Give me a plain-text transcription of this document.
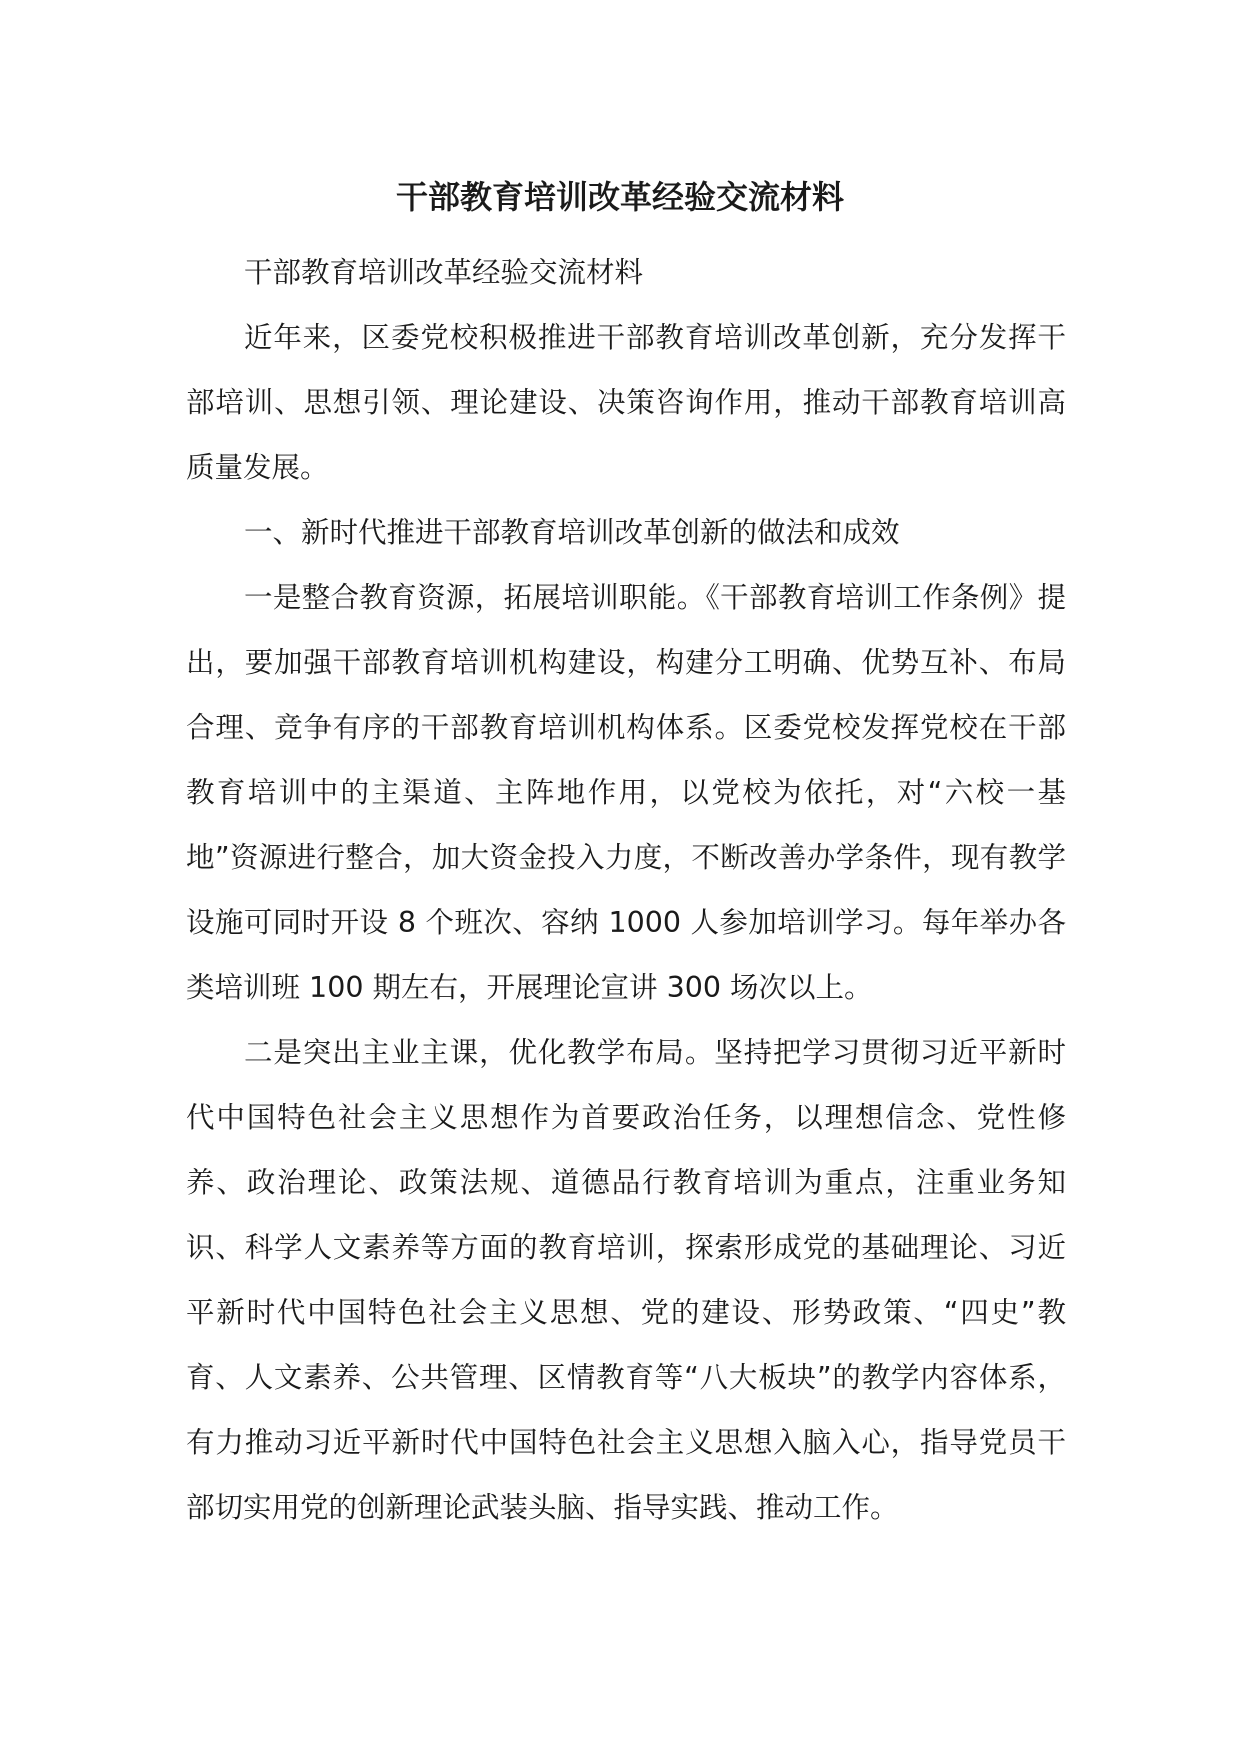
干部教育培训改革经验交流材料

干部教育培训改革经验交流材料

近年来，区委党校积极推进干部教育培训改革创新，充分发挥干部培训、思想引领、理论建设、决策咨询作用，推动干部教育培训高质量发展。

一、新时代推进干部教育培训改革创新的做法和成效

一是整合教育资源，拓展培训职能。《干部教育培训工作条例》提出，要加强干部教育培训机构建设，构建分工明确、优势互补、布局合理、竞争有序的干部教育培训机构体系。区委党校发挥党校在干部教育培训中的主渠道、主阵地作用，以党校为依托，对“六校一基地”资源进行整合，加大资金投入力度，不断改善办学条件，现有教学设施可同时开设 8 个班次、容纳 1000 人参加培训学习。每年举办各类培训班 100 期左右，开展理论宣讲 300 场次以上。

二是突出主业主课，优化教学布局。坚持把学习贯彻习近平新时代中国特色社会主义思想作为首要政治任务，以理想信念、党性修养、政治理论、政策法规、道德品行教育培训为重点，注重业务知识、科学人文素养等方面的教育培训，探索形成党的基础理论、习近平新时代中国特色社会主义思想、党的建设、形势政策、“四史”教育、人文素养、公共管理、区情教育等“八大板块”的教学内容体系，有力推动习近平新时代中国特色社会主义思想入脑入心，指导党员干部切实用党的创新理论武装头脑、指导实践、推动工作。
